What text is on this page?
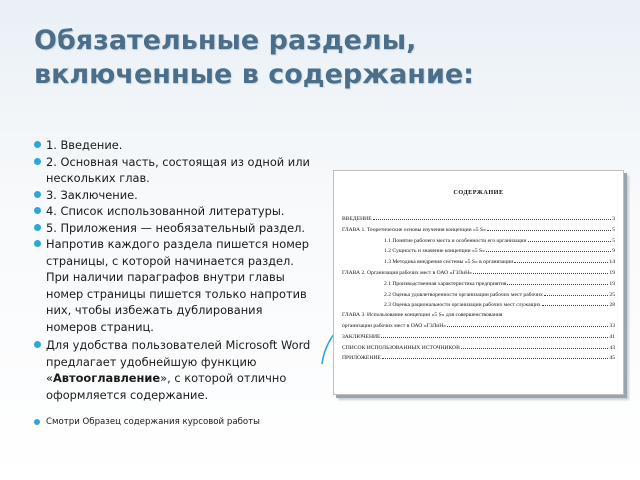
Обязательные разделы, включенные в содержание:
1. Введение.
2. Основная часть, состоящая из одной или нескольких глав.
3. Заключение.
4. Список использованной литературы.
5. Приложения — необязательный раздел.
Напротив каждого раздела пишется номер страницы, с которой начинается раздел. При наличии параграфов внутри главы номер страницы пишется только напротив них, чтобы избежать дублирования номеров страниц.
Для удобства пользователей Microsoft Word предлагает удобнейшую функцию «Автооглавление», с которой отлично оформляется содержание.
Смотри Образец содержания курсовой работы
СОДЕРЖАНИЕ
ВВЕДЕНИЕ	3
ГЛАВА 1. Теоретические основы изучения концепции «5 S»	5
1.1 Понятие рабочего места и особенности его организации	5
1.2 Сущность и значение концепции «5 S»	9
1.3 Методика внедрения системы «5 S» в организации	14
ГЛАВА 2. Организация рабочих мест в ОАО «ГЗЛиН»	19
2.1 Производственная характеристика предприятия	19
2.2 Оценка удовлетворенности организации рабочих мест рабочих	25
2.3 Оценка рациональности организации рабочих мест служащих	28
ГЛАВА 3. Использование концепции «5 S» для совершенствования
организации рабочих мест в ОАО «ГЗЛиН»	33
ЗАКЛЮЧЕНИЕ	41
СПИСОК ИСПОЛЬЗОВАННЫХ ИСТОЧНИКОВ	43
ПРИЛОЖЕНИЕ	45
